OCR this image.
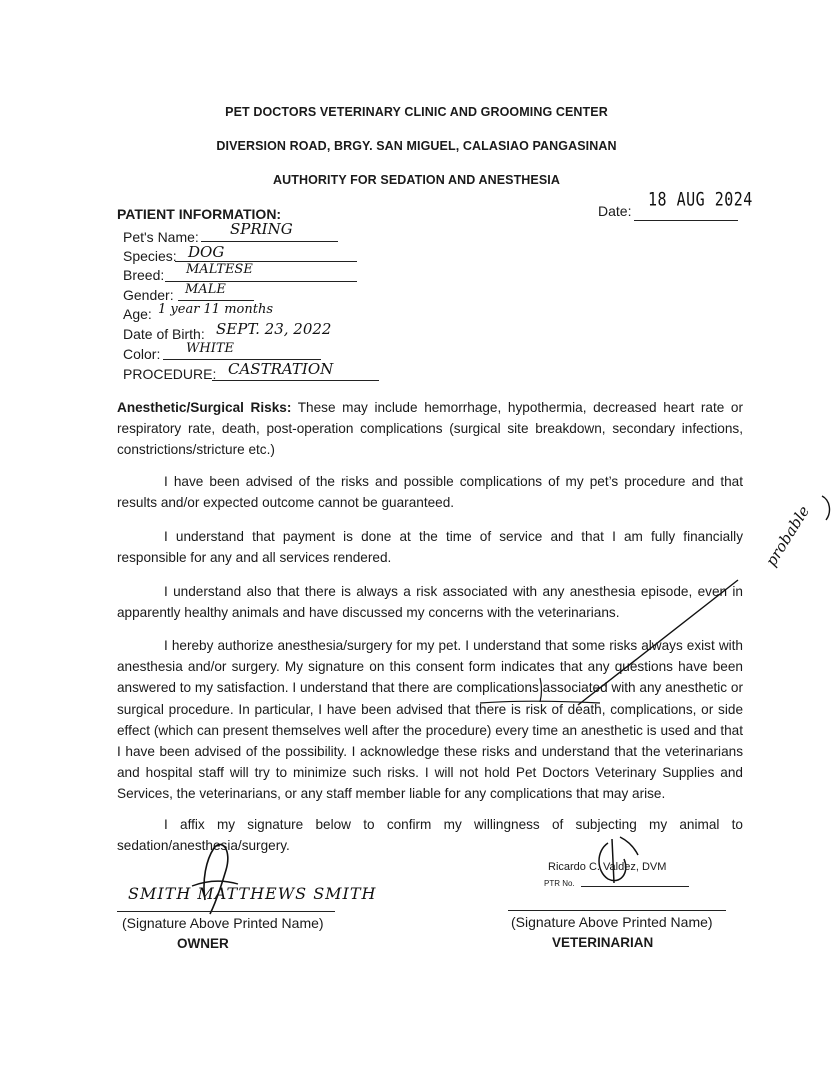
PET DOCTORS VETERINARY CLINIC AND GROOMING CENTER
DIVERSION ROAD, BRGY. SAN MIGUEL, CALASIAO PANGASINAN
AUTHORITY FOR SEDATION AND ANESTHESIA
Date:
18 AUG 2024
PATIENT INFORMATION:
Pet's Name: SPRING
Species: DOG
Breed: MALTESE
Gender: MALE
Age: 1 year 11 months
Date of Birth: SEPT. 23, 2022
Color: WHITE
PROCEDURE: CASTRATION

Anesthetic/Surgical Risks: These may include hemorrhage, hypothermia, decreased heart rate or respiratory rate, death, post-operation complications (surgical site breakdown, secondary infections, constrictions/stricture etc.)

I have been advised of the risks and possible complications of my pet’s procedure and that results and/or expected outcome cannot be guaranteed.

I understand that payment is done at the time of service and that I am fully financially responsible for any and all services rendered.

I understand also that there is always a risk associated with any anesthesia episode, even in apparently healthy animals and have discussed my concerns with the veterinarians.

I hereby authorize anesthesia/surgery for my pet. I understand that some risks always exist with anesthesia and/or surgery. My signature on this consent form indicates that any questions have been answered to my satisfaction. I understand that there are complications associated with any anesthetic or surgical procedure. In particular, I have been advised that there is risk of death, complications, or side effect (which can present themselves well after the procedure) every time an anesthetic is used and that I have been advised of the possibility. I acknowledge these risks and understand that the veterinarians and hospital staff will try to minimize such risks. I will not hold Pet Doctors Veterinary Supplies and Services, the veterinarians, or any staff member liable for any complications that may arise.

I affix my signature below to confirm my willingness of subjecting my animal to sedation/anesthesia/surgery.

SMITH MATTHEWS SMITH
(Signature Above Printed Name)
OWNER
Ricardo C. Valdez, DVM
PTR No.
(Signature Above Printed Name)
VETERINARIAN
probable
